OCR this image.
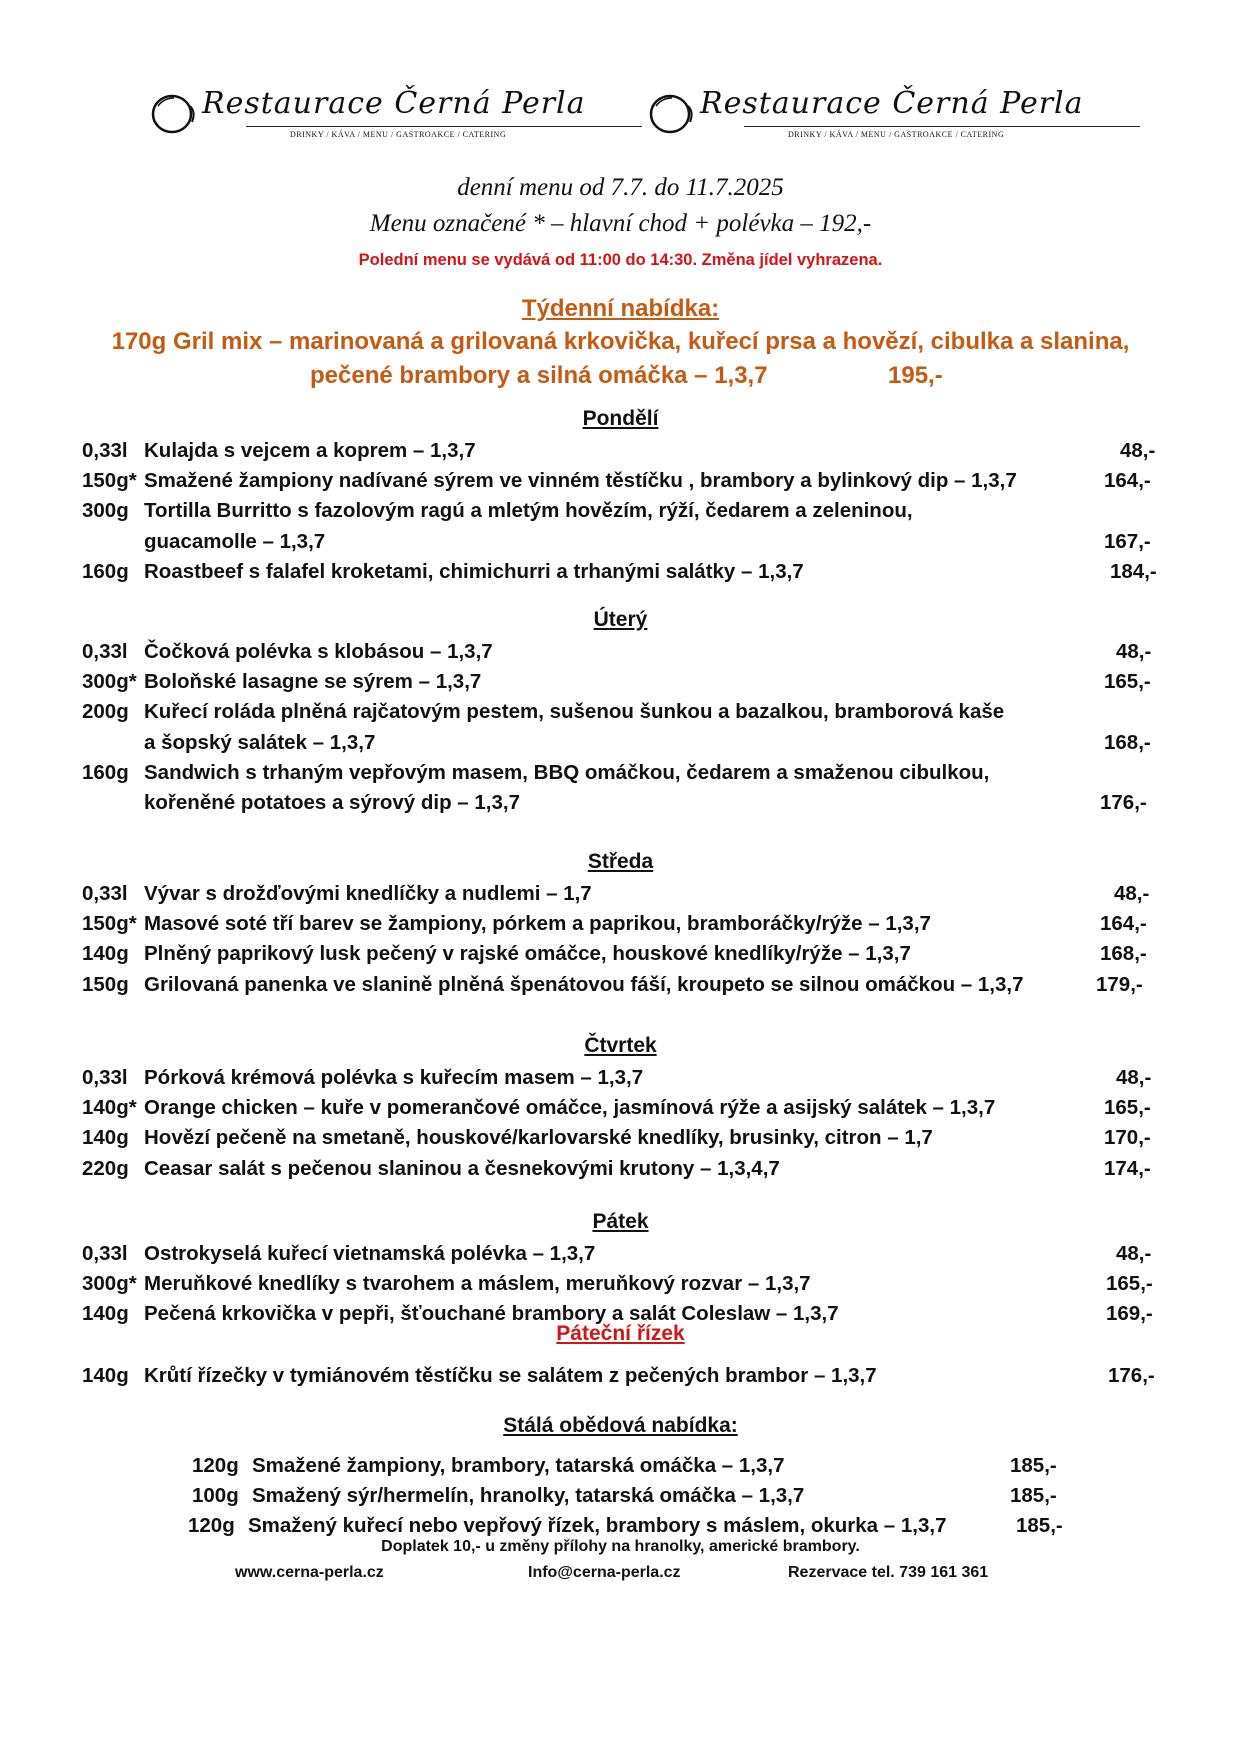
Restaurace Černá Perla
DRINKY / KÁVA / MENU / GASTROAKCE / CATERING
Restaurace Černá Perla
DRINKY / KÁVA / MENU / GASTROAKCE / CATERING
denní menu od 7.7. do 11.7.2025
Menu označené * – hlavní chod + polévka – 192,-
Polední menu se vydává od 11:00 do 14:30. Změna jídel vyhrazena.
Týdenní nabídka:
170g Gril mix – marinovaná a grilovaná krkovička, kuřecí prsa a hovězí, cibulka a slanina,
pečené brambory a silná omáčka – 1,3,7	195,-
Pondělí
0,33l Kulajda s vejcem a koprem – 1,3,7	48,-
150g* Smažené žampiony nadívané sýrem ve vinném těstíčku , brambory a bylinkový dip – 1,3,7	164,-
300g Tortilla Burritto s fazolovým ragú a mletým hovězím, rýží, čedarem a zeleninou,
guacamolle – 1,3,7	167,-
160g Roastbeef s falafel kroketami, chimichurri a trhanými salátky – 1,3,7	184,-
Úterý
0,33l Čočková polévka s klobásou – 1,3,7	48,-
300g* Boloňské lasagne se sýrem – 1,3,7	165,-
200g Kuřecí roláda plněná rajčatovým pestem, sušenou šunkou a bazalkou, bramborová kaše
a šopský salátek – 1,3,7	168,-
160g Sandwich s trhaným vepřovým masem, BBQ omáčkou, čedarem a smaženou cibulkou,
kořeněné potatoes a sýrový dip – 1,3,7	176,-
Středa
0,33l Vývar s drožďovými knedlíčky a nudlemi – 1,7	48,-
150g* Masové soté tří barev se žampiony, pórkem a paprikou, bramboráčky/rýže – 1,3,7	164,-
140g Plněný paprikový lusk pečený v rajské omáčce, houskové knedlíky/rýže – 1,3,7	168,-
150g Grilovaná panenka ve slanině plněná špenátovou fáší, kroupeto se silnou omáčkou – 1,3,7	179,-
Čtvrtek
0,33l Pórková krémová polévka s kuřecím masem – 1,3,7	48,-
140g* Orange chicken – kuře v pomerančové omáčce, jasmínová rýže a asijský salátek – 1,3,7	165,-
140g Hovězí pečeně na smetaně, houskové/karlovarské knedlíky, brusinky, citron – 1,7	170,-
220g Ceasar salát s pečenou slaninou a česnekovými krutony – 1,3,4,7	174,-
Pátek
0,33l Ostrokyselá kuřecí vietnamská polévka – 1,3,7	48,-
300g* Meruňkové knedlíky s tvarohem a máslem, meruňkový rozvar – 1,3,7	165,-
140g Pečená krkovička v pepři, šťouchané brambory a salát Coleslaw – 1,3,7	169,-
Páteční řízek
140g Krůtí řízečky v tymiánovém těstíčku se salátem z pečených brambor – 1,3,7	176,-
Stálá obědová nabídka:
120g Smažené žampiony, brambory, tatarská omáčka – 1,3,7	185,-
100g Smažený sýr/hermelín, hranolky, tatarská omáčka – 1,3,7	185,-
120g Smažený kuřecí nebo vepřový řízek, brambory s máslem, okurka – 1,3,7	185,-
Doplatek 10,- u změny přílohy na hranolky, americké brambory.
www.cerna-perla.cz	Info@cerna-perla.cz	Rezervace tel. 739 161 361
